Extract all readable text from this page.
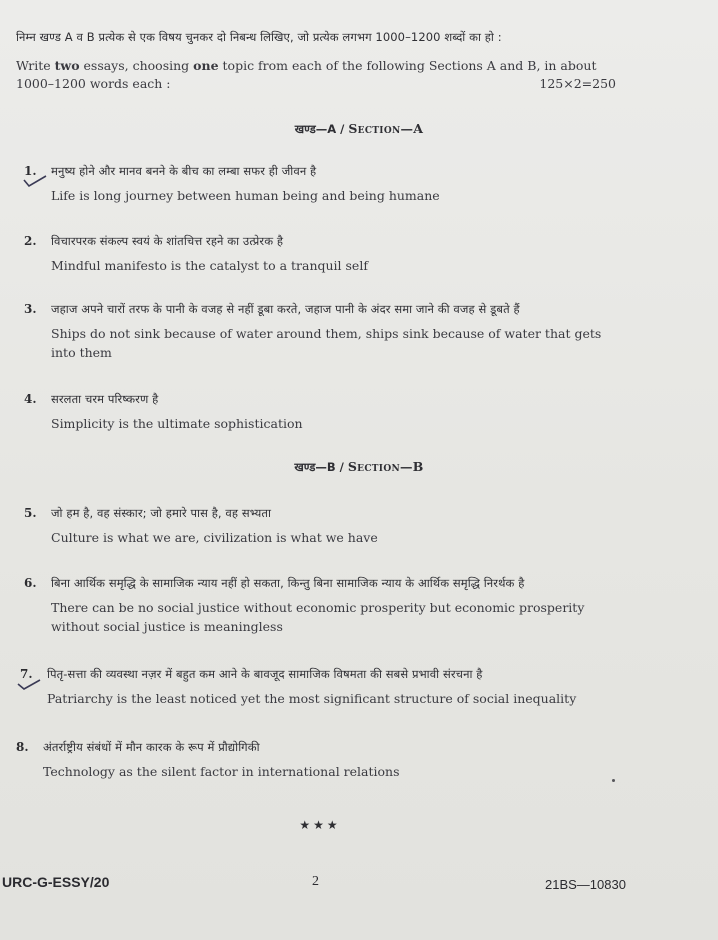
निम्न खण्ड A व B प्रत्येक से एक विषय चुनकर दो निबन्ध लिखिए, जो प्रत्येक लगभग 1000–1200 शब्दों का हो :

Write two essays, choosing one topic from each of the following Sections A and B, in about 1000–1200 words each :	125×2=250
खण्ड—A / Section—A
1. मनुष्य होने और मानव बनने के बीच का लम्बा सफर ही जीवन है
Life is long journey between human being and being humane
2. विचारपरक संकल्प स्वयं के शांतचित्त रहने का उत्प्रेरक है
Mindful manifesto is the catalyst to a tranquil self
3. जहाज अपने चारों तरफ के पानी के वजह से नहीं डूबा करते, जहाज पानी के अंदर समा जाने की वजह से डूबते हैं
Ships do not sink because of water around them, ships sink because of water that gets into them
4. सरलता चरम परिष्करण है
Simplicity is the ultimate sophistication
खण्ड—B / Section—B
5. जो हम है, वह संस्कार; जो हमारे पास है, वह सभ्यता
Culture is what we are, civilization is what we have
6. बिना आर्थिक समृद्धि के सामाजिक न्याय नहीं हो सकता, किन्तु बिना सामाजिक न्याय के आर्थिक समृद्धि निरर्थक है
There can be no social justice without economic prosperity but economic prosperity without social justice is meaningless
7. पितृ-सत्ता की व्यवस्था नज़र में बहुत कम आने के बावजूद सामाजिक विषमता की सबसे प्रभावी संरचना है
Patriarchy is the least noticed yet the most significant structure of social inequality
8. अंतर्राष्ट्रीय संबंधों में मौन कारक के रूप में प्रौद्योगिकी
Technology as the silent factor in international relations
★★★
URC-G-ESSY/20	2	21BS—10830
